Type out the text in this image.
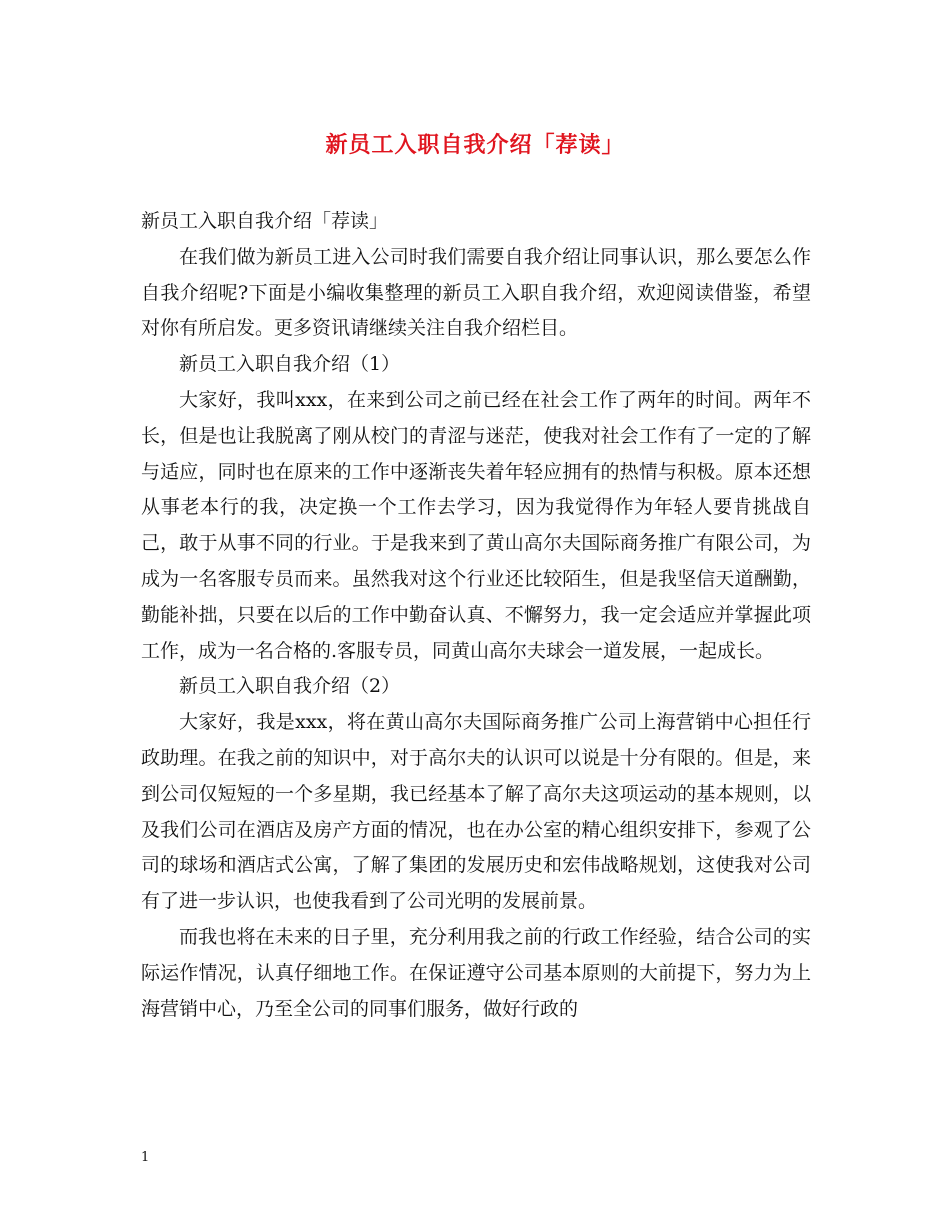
新员工入职自我介绍「荐读」

新员工入职自我介绍「荐读」

在我们做为新员工进入公司时我们需要自我介绍让同事认识，那么要怎么作自我介绍呢?下面是小编收集整理的新员工入职自我介绍，欢迎阅读借鉴，希望对你有所启发。更多资讯请继续关注自我介绍栏目。

新员工入职自我介绍（1）

大家好，我叫xxx，在来到公司之前已经在社会工作了两年的时间。两年不长，但是也让我脱离了刚从校门的青涩与迷茫，使我对社会工作有了一定的了解与适应，同时也在原来的工作中逐渐丧失着年轻应拥有的热情与积极。原本还想从事老本行的我，决定换一个工作去学习，因为我觉得作为年轻人要肯挑战自己，敢于从事不同的行业。于是我来到了黄山高尔夫国际商务推广有限公司，为成为一名客服专员而来。虽然我对这个行业还比较陌生，但是我坚信天道酬勤，勤能补拙，只要在以后的工作中勤奋认真、不懈努力，我一定会适应并掌握此项工作，成为一名合格的.客服专员，同黄山高尔夫球会一道发展，一起成长。

新员工入职自我介绍（2）

大家好，我是xxx，将在黄山高尔夫国际商务推广公司上海营销中心担任行政助理。在我之前的知识中，对于高尔夫的认识可以说是十分有限的。但是，来到公司仅短短的一个多星期，我已经基本了解了高尔夫这项运动的基本规则，以及我们公司在酒店及房产方面的情况，也在办公室的精心组织安排下，参观了公司的球场和酒店式公寓，了解了集团的发展历史和宏伟战略规划，这使我对公司有了进一步认识，也使我看到了公司光明的发展前景。

而我也将在未来的日子里，充分利用我之前的行政工作经验，结合公司的实际运作情况，认真仔细地工作。在保证遵守公司基本原则的大前提下，努力为上海营销中心，乃至全公司的同事们服务，做好行政的

1
